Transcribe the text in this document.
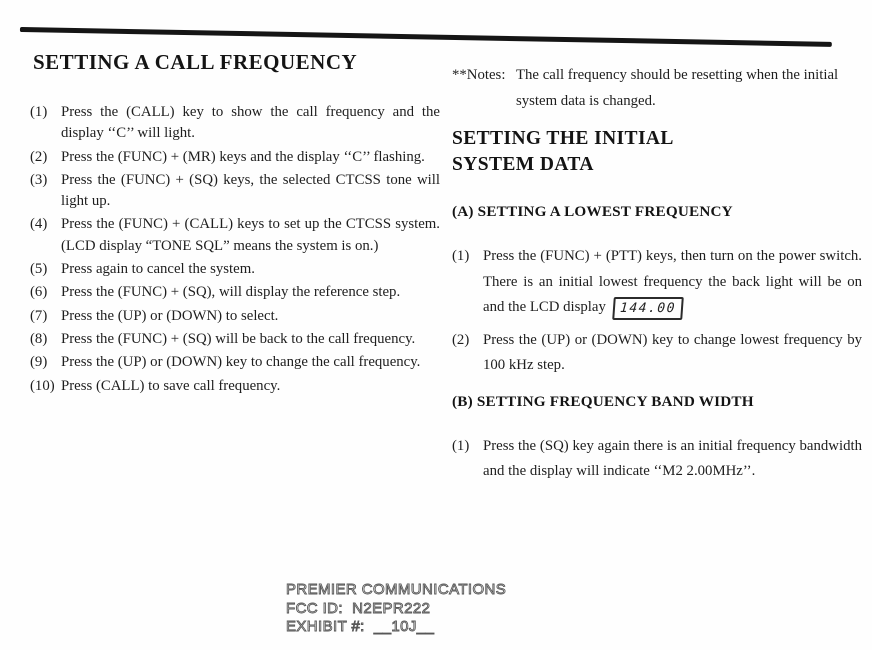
SETTING A CALL FREQUENCY
(1) Press the (CALL) key to show the call frequency and the display ‘‘C’’ will light.
(2) Press the (FUNC) + (MR) keys and the display ‘‘C’’ flashing.
(3) Press the (FUNC) + (SQ) keys, the selected CTCSS tone will light up.
(4) Press the (FUNC) + (CALL) keys to set up the CTCSS system. (LCD display “TONE SQL” means the system is on.)
(5) Press again to cancel the system.
(6) Press the (FUNC) + (SQ), will display the reference step.
(7) Press the (UP) or (DOWN) to select.
(8) Press the (FUNC) + (SQ) will be back to the call frequency.
(9) Press the (UP) or (DOWN) key to change the call frequency.
(10) Press (CALL) to save call frequency.
**Notes: The call frequency should be resetting when the initial system data is changed.
SETTING THE INITIAL
SYSTEM DATA
(A) SETTING A LOWEST FREQUENCY
(1) Press the (FUNC) + (PTT) keys, then turn on the power switch. There is an initial lowest frequency the back light will be on and the LCD display 144.00
(2) Press the (UP) or (DOWN) key to change lowest frequency by 100 kHz step.
(B) SETTING FREQUENCY BAND WIDTH
(1) Press the (SQ) key again there is an initial frequency bandwidth and the display will indicate ‘‘M2 2.00MHz’’.
PREMIER COMMUNICATIONS
FCC ID:  N2EPR222
EXHIBIT #:  __10J__
